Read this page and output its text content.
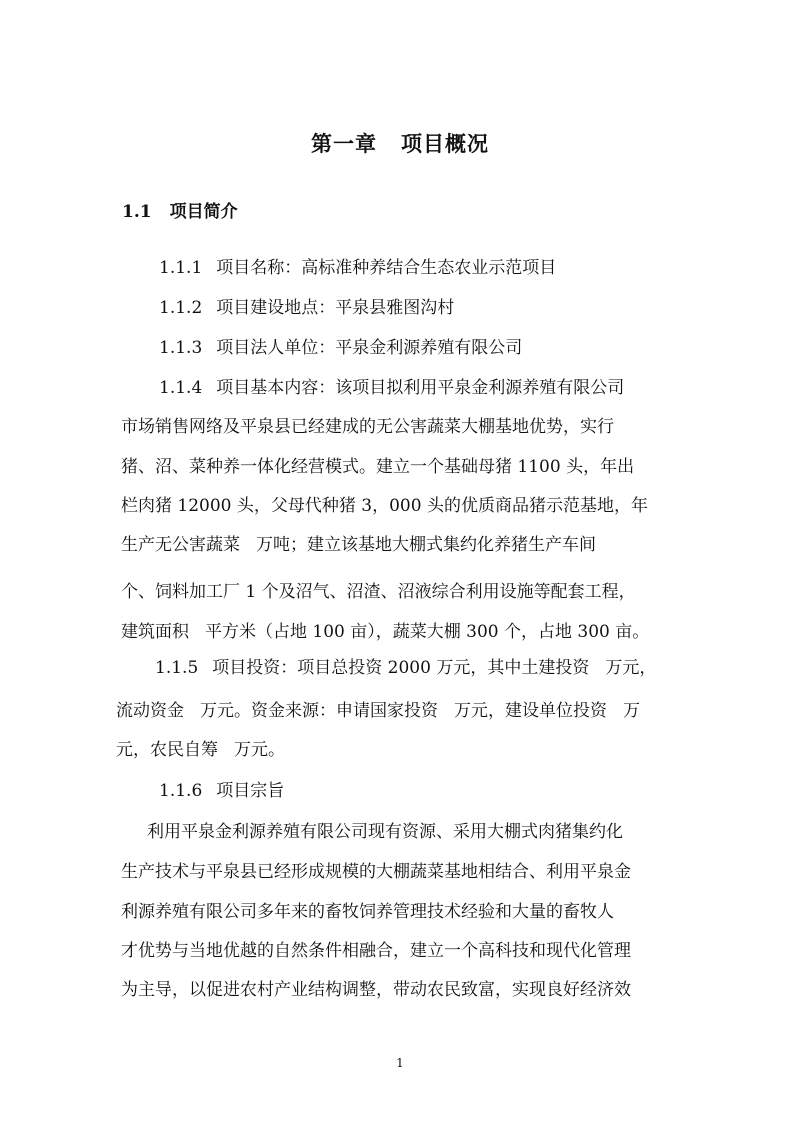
第一章 项目概况
1.1 项目简介
1.1.1 项目名称：高标准种养结合生态农业示范项目
1.1.2 项目建设地点：平泉县雅图沟村
1.1.3 项目法人单位：平泉金利源养殖有限公司
1.1.4 项目基本内容：该项目拟利用平泉金利源养殖有限公司
市场销售网络及平泉县已经建成的无公害蔬菜大棚基地优势，实行
猪、沼、菜种养一体化经营模式。建立一个基础母猪 1100 头，年出
栏肉猪 12000 头，父母代种猪 3，000 头的优质商品猪示范基地，年
生产无公害蔬菜 万吨；建立该基地大棚式集约化养猪生产车间
个、饲料加工厂 1 个及沼气、沼渣、沼液综合利用设施等配套工程，
建筑面积 平方米（占地 100 亩），蔬菜大棚 300 个，占地 300 亩。
1.1.5 项目投资：项目总投资 2000 万元，其中土建投资 万元，
流动资金 万元。资金来源：申请国家投资 万元，建设单位投资 万
元，农民自筹 万元。
1.1.6 项目宗旨
利用平泉金利源养殖有限公司现有资源、采用大棚式肉猪集约化
生产技术与平泉县已经形成规模的大棚蔬菜基地相结合、利用平泉金
利源养殖有限公司多年来的畜牧饲养管理技术经验和大量的畜牧人
才优势与当地优越的自然条件相融合，建立一个高科技和现代化管理
为主导，以促进农村产业结构调整，带动农民致富，实现良好经济效
1
